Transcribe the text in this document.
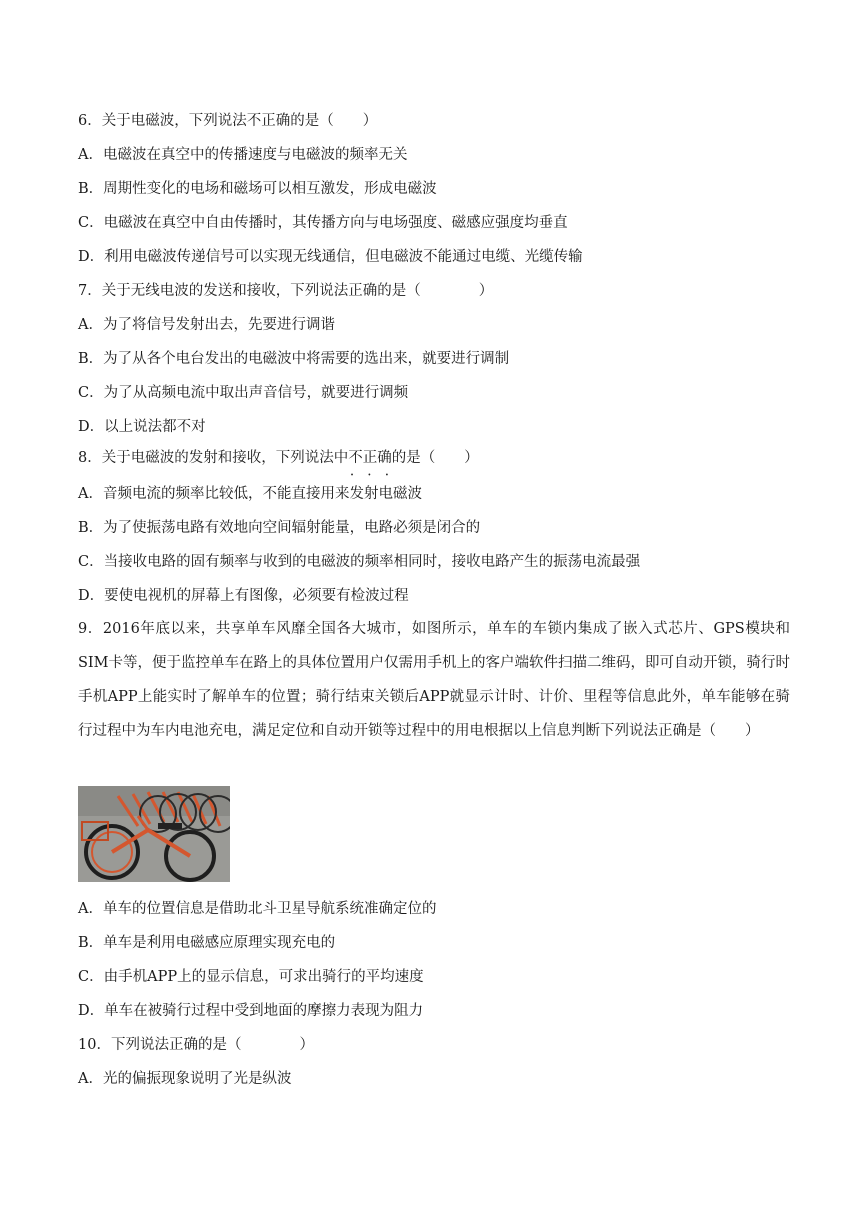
6．关于电磁波，下列说法不正确的是（　　）
A．电磁波在真空中的传播速度与电磁波的频率无关
B．周期性变化的电场和磁场可以相互激发，形成电磁波
C．电磁波在真空中自由传播时，其传播方向与电场强度、磁感应强度均垂直
D．利用电磁波传递信号可以实现无线通信，但电磁波不能通过电缆、光缆传输
7．关于无线电波的发送和接收，下列说法正确的是（　　　　）
A．为了将信号发射出去，先要进行调谐
B．为了从各个电台发出的电磁波中将需要的选出来，就要进行调制
C．为了从高频电流中取出声音信号，就要进行调频
D．以上说法都不对
8．关于电磁波的发射和接收，下列说法中不正确 • • •的是（　　）
A．音频电流的频率比较低，不能直接用来发射电磁波
B．为了使振荡电路有效地向空间辐射能量，电路必须是闭合的
C．当接收电路的固有频率与收到的电磁波的频率相同时，接收电路产生的振荡电流最强
D．要使电视机的屏幕上有图像，必须要有检波过程
9．2016年底以来，共享单车风靡全国各大城市，如图所示，单车的车锁内集成了嵌入式芯片、GPS模块和SIM卡等，便于监控单车在路上的具体位置用户仅需用手机上的客户端软件扫描二维码，即可自动开锁，骑行时手机APP上能实时了解单车的位置；骑行结束关锁后APP就显示计时、计价、里程等信息此外，单车能够在骑行过程中为车内电池充电，满足定位和自动开锁等过程中的用电根据以上信息判断下列说法正确是（　　）
A．单车的位置信息是借助北斗卫星导航系统准确定位的
B．单车是利用电磁感应原理实现充电的
C．由手机APP上的显示信息，可求出骑行的平均速度
D．单车在被骑行过程中受到地面的摩擦力表现为阻力
10．下列说法正确的是（　　　　）
A．光的偏振现象说明了光是纵波
